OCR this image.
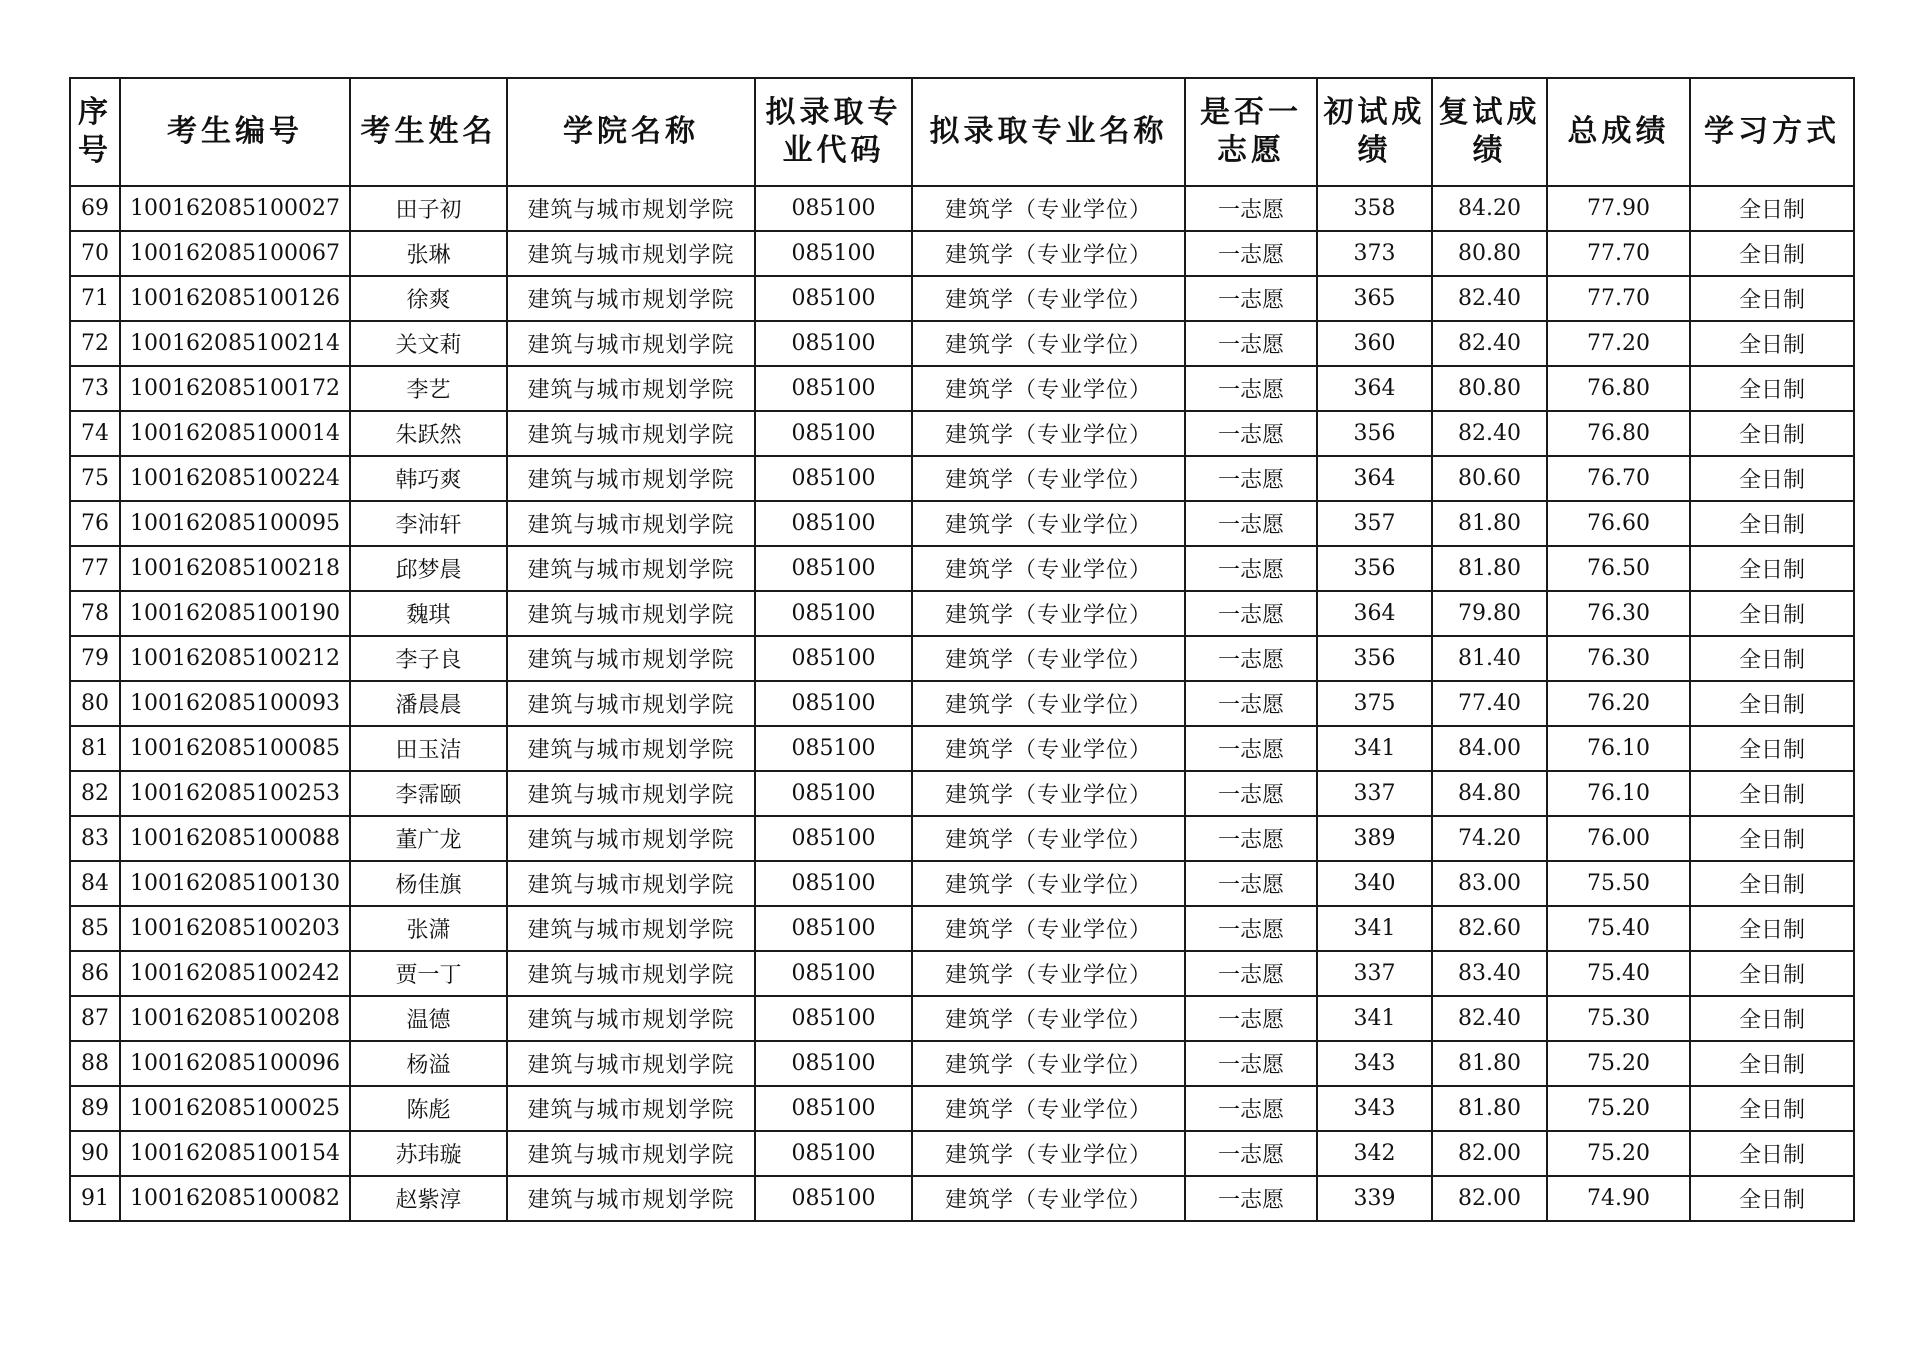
序号	考生编号	考生姓名	学院名称	拟录取专业代码	拟录取专业名称	是否一志愿	初试成绩	复试成绩	总成绩	学习方式
69	100162085100027	田子初	建筑与城市规划学院	085100	建筑学（专业学位）	一志愿	358	84.20	77.90	全日制
70	100162085100067	张琳	建筑与城市规划学院	085100	建筑学（专业学位）	一志愿	373	80.80	77.70	全日制
71	100162085100126	徐爽	建筑与城市规划学院	085100	建筑学（专业学位）	一志愿	365	82.40	77.70	全日制
72	100162085100214	关文莉	建筑与城市规划学院	085100	建筑学（专业学位）	一志愿	360	82.40	77.20	全日制
73	100162085100172	李艺	建筑与城市规划学院	085100	建筑学（专业学位）	一志愿	364	80.80	76.80	全日制
74	100162085100014	朱跃然	建筑与城市规划学院	085100	建筑学（专业学位）	一志愿	356	82.40	76.80	全日制
75	100162085100224	韩巧爽	建筑与城市规划学院	085100	建筑学（专业学位）	一志愿	364	80.60	76.70	全日制
76	100162085100095	李沛轩	建筑与城市规划学院	085100	建筑学（专业学位）	一志愿	357	81.80	76.60	全日制
77	100162085100218	邱梦晨	建筑与城市规划学院	085100	建筑学（专业学位）	一志愿	356	81.80	76.50	全日制
78	100162085100190	魏琪	建筑与城市规划学院	085100	建筑学（专业学位）	一志愿	364	79.80	76.30	全日制
79	100162085100212	李子良	建筑与城市规划学院	085100	建筑学（专业学位）	一志愿	356	81.40	76.30	全日制
80	100162085100093	潘晨晨	建筑与城市规划学院	085100	建筑学（专业学位）	一志愿	375	77.40	76.20	全日制
81	100162085100085	田玉洁	建筑与城市规划学院	085100	建筑学（专业学位）	一志愿	341	84.00	76.10	全日制
82	100162085100253	李霈颐	建筑与城市规划学院	085100	建筑学（专业学位）	一志愿	337	84.80	76.10	全日制
83	100162085100088	董广龙	建筑与城市规划学院	085100	建筑学（专业学位）	一志愿	389	74.20	76.00	全日制
84	100162085100130	杨佳旗	建筑与城市规划学院	085100	建筑学（专业学位）	一志愿	340	83.00	75.50	全日制
85	100162085100203	张潇	建筑与城市规划学院	085100	建筑学（专业学位）	一志愿	341	82.60	75.40	全日制
86	100162085100242	贾一丁	建筑与城市规划学院	085100	建筑学（专业学位）	一志愿	337	83.40	75.40	全日制
87	100162085100208	温德	建筑与城市规划学院	085100	建筑学（专业学位）	一志愿	341	82.40	75.30	全日制
88	100162085100096	杨溢	建筑与城市规划学院	085100	建筑学（专业学位）	一志愿	343	81.80	75.20	全日制
89	100162085100025	陈彪	建筑与城市规划学院	085100	建筑学（专业学位）	一志愿	343	81.80	75.20	全日制
90	100162085100154	苏玮璇	建筑与城市规划学院	085100	建筑学（专业学位）	一志愿	342	82.00	75.20	全日制
91	100162085100082	赵紫淳	建筑与城市规划学院	085100	建筑学（专业学位）	一志愿	339	82.00	74.90	全日制
